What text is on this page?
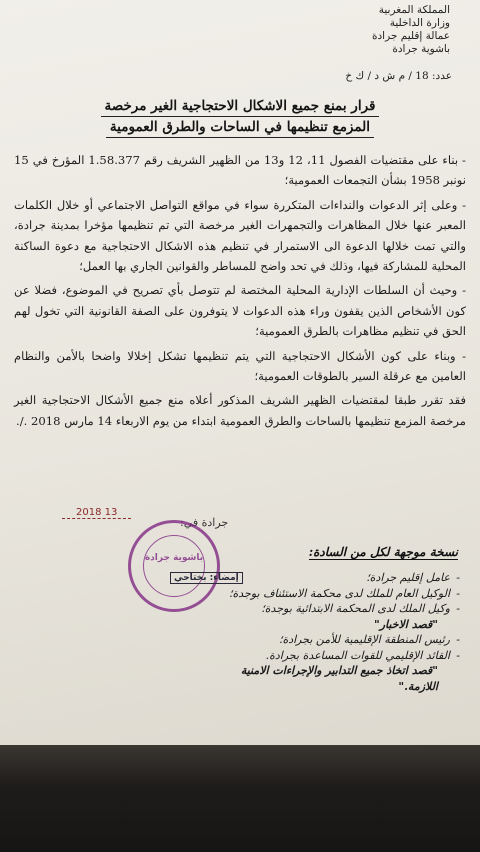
المملكة المغربية
وزارة الداخلية
عمالة إقليم جرادة
باشوية جرادة
عدد: 18 / م ش د / ك خ
قرار بمنع جميع الاشكال الاحتجاجية الغير مرخصة
المزمع تنظيمها في الساحات والطرق العمومية

- بناء على مقتضيات الفصول 11، 12 و13 من الظهير الشريف رقم 1.58.377 المؤرخ في 15 نونبر 1958 بشأن التجمعات العمومية؛

- وعلى إثر الدعوات والنداءات المتكررة سواء في مواقع التواصل الاجتماعي أو خلال الكلمات المعبر عنها خلال المظاهرات والتجمهرات الغير مرخصة التي تم تنظيمها مؤخرا بمدينة جرادة، والتي تمت خلالها الدعوة الى الاستمرار في تنظيم هذه الاشكال الاحتجاجية مع دعوة الساكنة المحلية للمشاركة فيها، وذلك في تحد واضح للمساطر والقوانين الجاري بها العمل؛

- وحيث أن السلطات الإدارية المحلية المختصة لم تتوصل بأي تصريح في الموضوع، فضلا عن كون الأشخاص الذين يقفون وراء هذه الدعوات لا يتوفرون على الصفة القانونية التي تخول لهم الحق في تنظيم مظاهرات بالطرق العمومية؛

- وبناء على كون الأشكال الاحتجاجية التي يتم تنظيمها تشكل إخلالا واضحا بالأمن والنظام العامين مع عرقلة السير بالطوقات العمومية؛

فقد تقرر طبقا لمقتضيات الظهير الشريف المذكور أعلاه منع جميع الأشكال الاحتجاجية الغير مرخصة المزمع تنظيمها بالساحات والطرق العمومية ابتداء من يوم الاربعاء 14 مارس 2018 ./.

2018 13
جرادة في:
باشوية جرادة
إمضاء: بختاحي
نسخة موجهة لكل من السادة:
- عامل إقليم جرادة؛
- الوكيل العام للملك لدى محكمة الاستئناف بوجدة؛
- وكيل الملك لدى المحكمة الابتدائية بوجدة؛
"قصد الاخبار"
- رئيس المنطقة الإقليمية للأمن بجرادة؛
- القائد الإقليمي للقوات المساعدة بجرادة.
"قصد اتخاذ جميع التدابير والإجراءات الامنية اللازمة."
